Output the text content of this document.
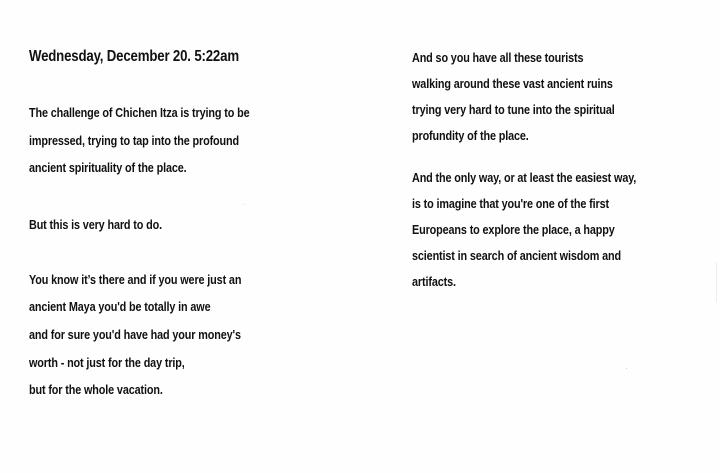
Wednesday, December 20. 5:22am
The challenge of Chichen Itza is trying to be
impressed, trying to tap into the profound
ancient spirituality of the place.
But this is very hard to do.
You know it’s there and if you were just an
ancient Maya you'd be totally in awe
and for sure you'd have had your money's
worth - not just for the day trip,
but for the whole vacation.
And so you have all these tourists
walking around these vast ancient ruins
trying very hard to tune into the spiritual
profundity of the place.
And the only way, or at least the easiest way,
is to imagine that you're one of the first
Europeans to explore the place, a happy
scientist in search of ancient wisdom and
artifacts.
